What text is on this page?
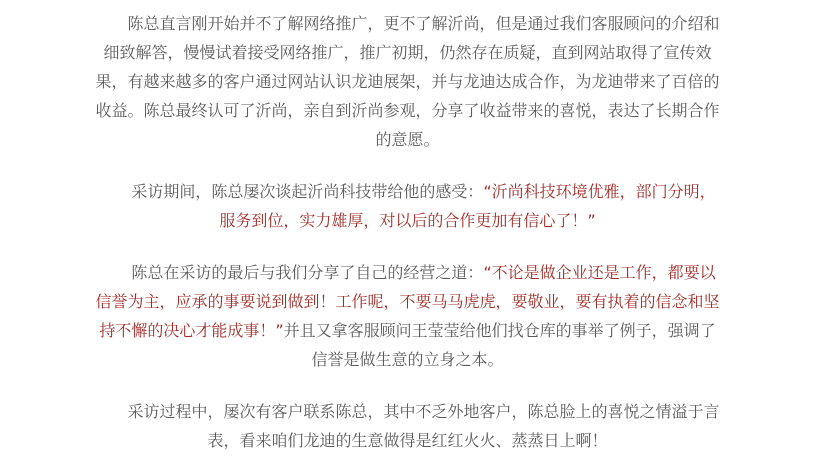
　　陈总直言刚开始并不了解网络推广，更不了解沂尚，但是通过我们客服顾问的介绍和细致解答，慢慢试着接受网络推广，推广初期，仍然存在质疑，直到网站取得了宣传效果，有越来越多的客户通过网站认识龙迪展架，并与龙迪达成合作，为龙迪带来了百倍的收益。陈总最终认可了沂尚，亲自到沂尚参观，分享了收益带来的喜悦，表达了长期合作的意愿。

　　采访期间，陈总屡次谈起沂尚科技带给他的感受：“沂尚科技环境优雅，部门分明，服务到位，实力雄厚，对以后的合作更加有信心了！”

　　陈总在采访的最后与我们分享了自己的经营之道：“不论是做企业还是工作，都要以信誉为主，应承的事要说到做到！工作呢，不要马马虎虎，要敬业，要有执着的信念和坚持不懈的决心才能成事！”并且又拿客服顾问王莹莹给他们找仓库的事举了例子，强调了信誉是做生意的立身之本。

　　采访过程中，屡次有客户联系陈总，其中不乏外地客户，陈总脸上的喜悦之情溢于言表，看来咱们龙迪的生意做得是红红火火、蒸蒸日上啊！
